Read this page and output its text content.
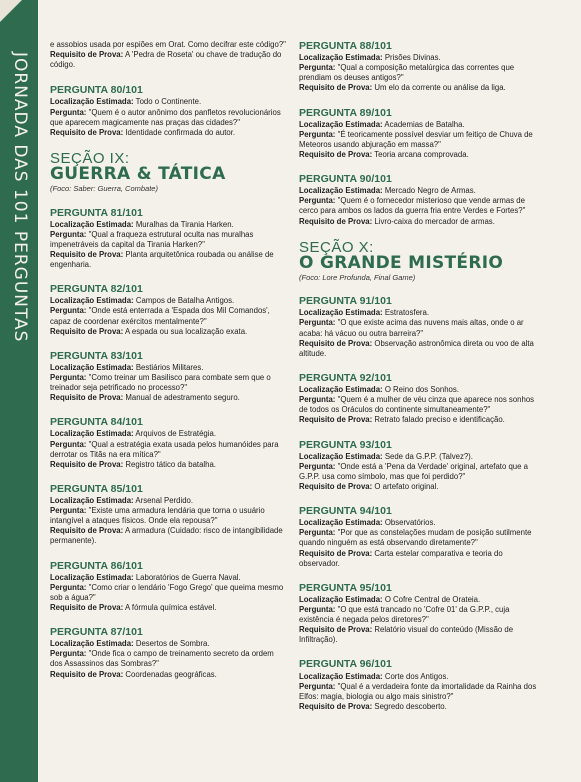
JORNADA DAS 101 PERGUNTAS
e assobios usada por espiões em Orat. Como decifrar este código?"
Requisito de Prova: A 'Pedra de Roseta' ou chave de tradução do código.
PERGUNTA 80/101
Localização Estimada: Todo o Continente.
Pergunta: "Quem é o autor anônimo dos panfletos revolucionários que aparecem magicamente nas praças das cidades?"
Requisito de Prova: Identidade confirmada do autor.
SEÇÃO IX:
GUERRA & TÁTICA
(Foco: Saber: Guerra, Combate)
PERGUNTA 81/101
Localização Estimada: Muralhas da Tirania Harken.
Pergunta: "Qual a fraqueza estrutural oculta nas muralhas impenetráveis da capital da Tirania Harken?"
Requisito de Prova: Planta arquitetônica roubada ou análise de engenharia.
PERGUNTA 82/101
Localização Estimada: Campos de Batalha Antigos.
Pergunta: "Onde está enterrada a 'Espada dos Mil Comandos', capaz de coordenar exércitos mentalmente?"
Requisito de Prova: A espada ou sua localização exata.
PERGUNTA 83/101
Localização Estimada: Bestiários Militares.
Pergunta: "Como treinar um Basilisco para combate sem que o treinador seja petrificado no processo?"
Requisito de Prova: Manual de adestramento seguro.
PERGUNTA 84/101
Localização Estimada: Arquivos de Estratégia.
Pergunta: "Qual a estratégia exata usada pelos humanóides para derrotar os Titãs na era mítica?"
Requisito de Prova: Registro tático da batalha.
PERGUNTA 85/101
Localização Estimada: Arsenal Perdido.
Pergunta: "Existe uma armadura lendária que torna o usuário intangível a ataques físicos. Onde ela repousa?"
Requisito de Prova: A armadura (Cuidado: risco de intangibilidade permanente).
PERGUNTA 86/101
Localização Estimada: Laboratórios de Guerra Naval.
Pergunta: "Como criar o lendário 'Fogo Grego' que queima mesmo sob a água?"
Requisito de Prova: A fórmula química estável.
PERGUNTA 87/101
Localização Estimada: Desertos de Sombra.
Pergunta: "Onde fica o campo de treinamento secreto da ordem dos Assassinos das Sombras?"
Requisito de Prova: Coordenadas geográficas.
PERGUNTA 88/101
Localização Estimada: Prisões Divinas.
Pergunta: "Qual a composição metalúrgica das correntes que prendiam os deuses antigos?"
Requisito de Prova: Um elo da corrente ou análise da liga.
PERGUNTA 89/101
Localização Estimada: Academias de Batalha.
Pergunta: "É teoricamente possível desviar um feitiço de Chuva de Meteoros usando abjuração em massa?"
Requisito de Prova: Teoria arcana comprovada.
PERGUNTA 90/101
Localização Estimada: Mercado Negro de Armas.
Pergunta: "Quem é o fornecedor misterioso que vende armas de cerco para ambos os lados da guerra fria entre Verdes e Fortes?"
Requisito de Prova: Livro-caixa do mercador de armas.
SEÇÃO X:
O GRANDE MISTÉRIO
(Foco: Lore Profunda, Final Game)
PERGUNTA 91/101
Localização Estimada: Estratosfera.
Pergunta: "O que existe acima das nuvens mais altas, onde o ar acaba: há vácuo ou outra barreira?"
Requisito de Prova: Observação astronômica direta ou voo de alta altitude.
PERGUNTA 92/101
Localização Estimada: O Reino dos Sonhos.
Pergunta: "Quem é a mulher de véu cinza que aparece nos sonhos de todos os Oráculos do continente simultaneamente?"
Requisito de Prova: Retrato falado preciso e identificação.
PERGUNTA 93/101
Localização Estimada: Sede da G.P.P. (Talvez?).
Pergunta: "Onde está a 'Pena da Verdade' original, artefato que a G.P.P. usa como símbolo, mas que foi perdido?"
Requisito de Prova: O artefato original.
PERGUNTA 94/101
Localização Estimada: Observatórios.
Pergunta: "Por que as constelações mudam de posição sutilmente quando ninguém as está observando diretamente?"
Requisito de Prova: Carta estelar comparativa e teoria do observador.
PERGUNTA 95/101
Localização Estimada: O Cofre Central de Orateia.
Pergunta: "O que está trancado no 'Cofre 01' da G.P.P., cuja existência é negada pelos diretores?"
Requisito de Prova: Relatório visual do conteúdo (Missão de Infiltração).
PERGUNTA 96/101
Localização Estimada: Corte dos Antigos.
Pergunta: "Qual é a verdadeira fonte da imortalidade da Rainha dos Elfos: magia, biologia ou algo mais sinistro?"
Requisito de Prova: Segredo descoberto.
